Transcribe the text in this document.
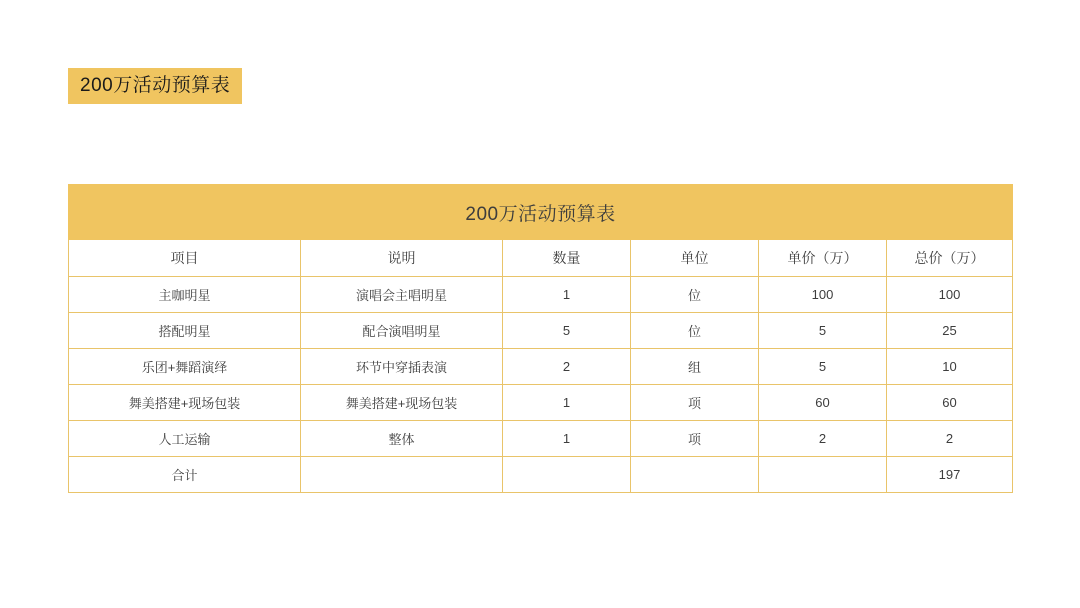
200万活动预算表
200万活动预算表					
项目	说明	数量	单位	单价（万）	总价（万）
主咖明星	演唱会主唱明星	1	位	100	100
搭配明星	配合演唱明星	5	位	5	25
乐团+舞蹈演绎	环节中穿插表演	2	组	5	10
舞美搭建+现场包装	舞美搭建+现场包装	1	项	60	60
人工运输	整体	1	项	2	2
合计					197
